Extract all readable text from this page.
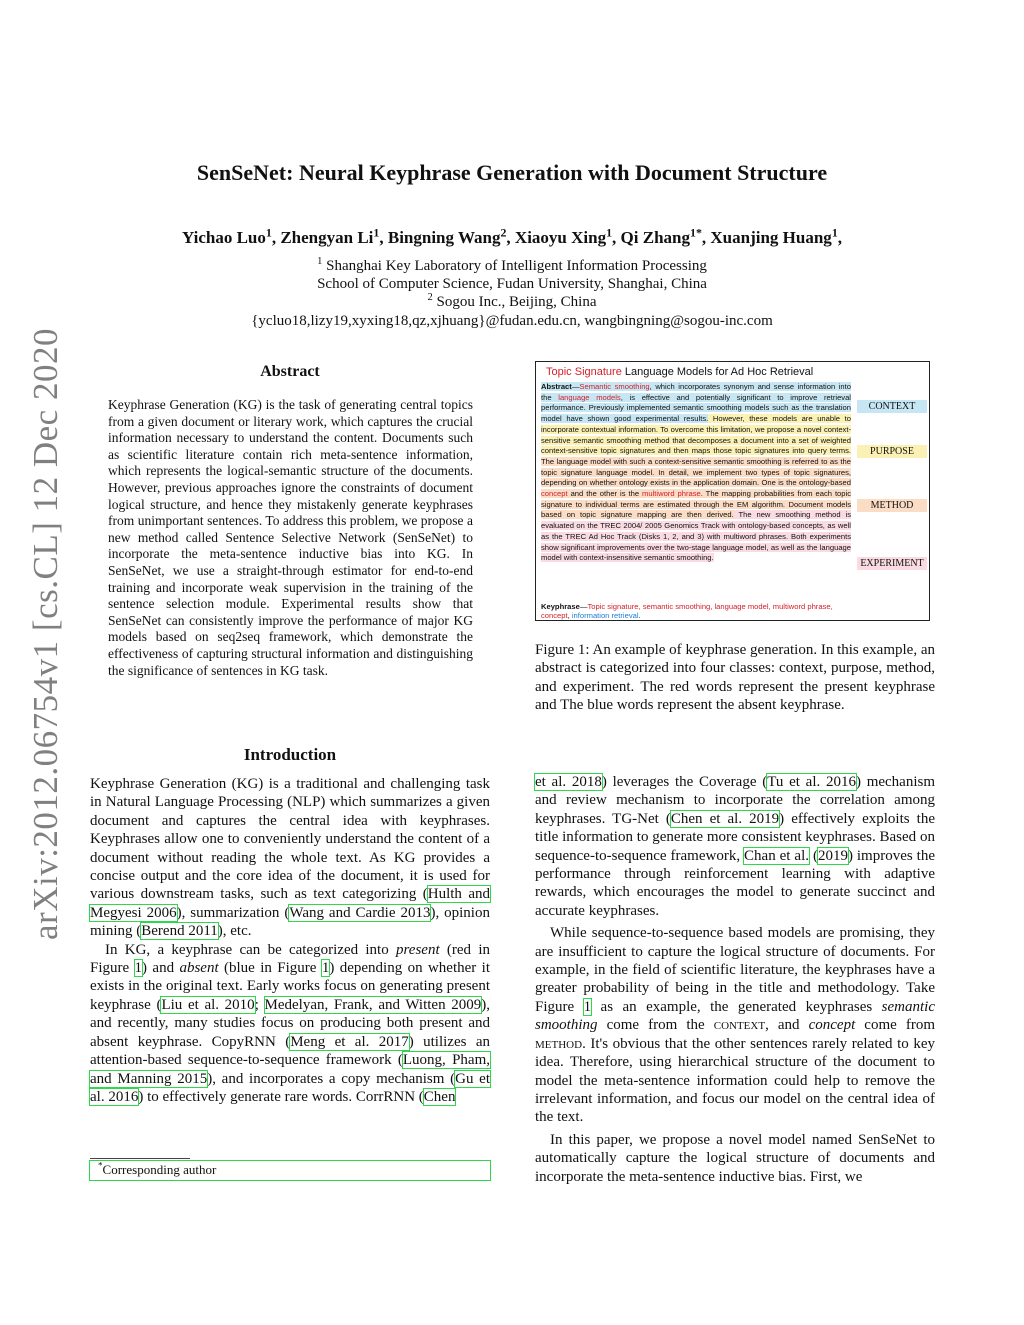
SenSeNet: Neural Keyphrase Generation with Document Structure
Yichao Luo$^1$, Zhengyan Li$^1$, Bingning Wang$^2$, Xiaoyu Xing$^1$, Qi Zhang$^{1*}$, Xuanjing Huang$^1$,
$^1$ Shanghai Key Laboratory of Intelligent Information Processing
School of Computer Science, Fudan University, Shanghai, China
$^2$ Sogou Inc., Beijing, China
{ycluo18,lizy19,xyxing18,qz,xjhuang}@fudan.edu.cn, wangbingning@sogou-inc.com
arXiv:2012.06754v1 [cs.CL] 12 Dec 2020	Abstract

Keyphrase Generation (KG) is the task of generating central topics from a given document or literary work, which captures the crucial information necessary to understand the content. Documents such as scientific literature contain rich meta-sentence information, which represents the logical-semantic structure of the documents. However, previous approaches ignore the constraints of document logical structure, and hence they mistakenly generate keyphrases from unimportant sentences. To address this problem, we propose a new method called Sentence Selective Network (SenSeNet) to incorporate the meta-sentence inductive bias into KG. In SenSeNet, we use a straight-through estimator for end-to-end training and incorporate weak supervision in the training of the sentence selection module. Experimental results show that SenSeNet can consistently improve the performance of major KG models based on seq2seq framework, which demonstrate the effectiveness of capturing structural information and distinguishing the significance of sentences in KG task.

Introduction

Keyphrase Generation (KG) is a traditional and challenging task in Natural Language Processing (NLP) which summarizes a given document and captures the central idea with keyphrases. Keyphrases allow one to conveniently understand the content of a document without reading the whole text. As KG provides a concise output and the core idea of the document, it is used for various downstream tasks, such as text categorizing (Hulth and Megyesi 2006), summarization (Wang and Cardie 2013), opinion mining (Berend 2011), etc.

In KG, a keyphrase can be categorized into present (red in Figure 1) and absent (blue in Figure 1) depending on whether it exists in the original text. Early works focus on generating present keyphrase (Liu et al. 2010; Medelyan, Frank, and Witten 2009), and recently, many studies focus on producing both present and absent keyphrase. CopyRNN (Meng et al. 2017) utilizes an attention-based sequence-to-sequence framework (Luong, Pham, and Manning 2015), and incorporates a copy mechanism (Gu et al. 2016) to effectively generate rare words. CorrRNN (Chen

*Corresponding author
Topic Signature Language Models for Ad Hoc Retrieval
Abstract—Semantic smoothing, which incorporates synonym and sense information into the language models, is effective and potentially significant to improve retrieval performance. Previously implemented semantic smoothing models such as the translation model have shown good experimental results. However, these models are unable to incorporate contextual information. To overcome this limitation, we propose a novel context-sensitive semantic smoothing method that decomposes a document into a set of weighted context-sensitive topic signatures and then maps those topic signatures into query terms. The language model with such a context-sensitive semantic smoothing is referred to as the topic signature language model. In detail, we implement two types of topic signatures, depending on whether ontology exists in the application domain. One is the ontology-based concept and the other is the multiword phrase. The mapping probabilities from each topic signature to individual terms are estimated through the EM algorithm. Document models based on topic signature mapping are then derived. The new smoothing method is evaluated on the TREC 2004/ 2005 Genomics Track with ontology-based concepts, as well as the TREC Ad Hoc Track (Disks 1, 2, and 3) with multiword phrases. Both experiments show significant improvements over the two-stage language model, as well as the language model with context-insensitive semantic smoothing.
CONTEXT
PURPOSE
METHOD
EXPERIMENT
Keyphrase—Topic signature, semantic smoothing, language model, multiword phrase, concept, information retrieval.

Figure 1: An example of keyphrase generation. In this example, an abstract is categorized into four classes: context, purpose, method, and experiment. The red words represent the present keyphrase and The blue words represent the absent keyphrase.

et al. 2018) leverages the Coverage (Tu et al. 2016) mechanism and review mechanism to incorporate the correlation among keyphrases. TG-Net (Chen et al. 2019) effectively exploits the title information to generate more consistent keyphrases. Based on sequence-to-sequence framework, Chan et al. (2019) improves the performance through reinforcement learning with adaptive rewards, which encourages the model to generate succinct and accurate keyphrases.

While sequence-to-sequence based models are promising, they are insufficient to capture the logical structure of documents. For example, in the field of scientific literature, the keyphrases have a greater probability of being in the title and methodology. Take Figure 1 as an example, the generated keyphrases semantic smoothing come from the context, and concept come from method. It's obvious that the other sentences rarely related to key idea. Therefore, using hierarchical structure of the document to model the meta-sentence information could help to remove the irrelevant information, and focus our model on the central idea of the text.

In this paper, we propose a novel model named SenSeNet to automatically capture the logical structure of documents and incorporate the meta-sentence inductive bias. First, we
